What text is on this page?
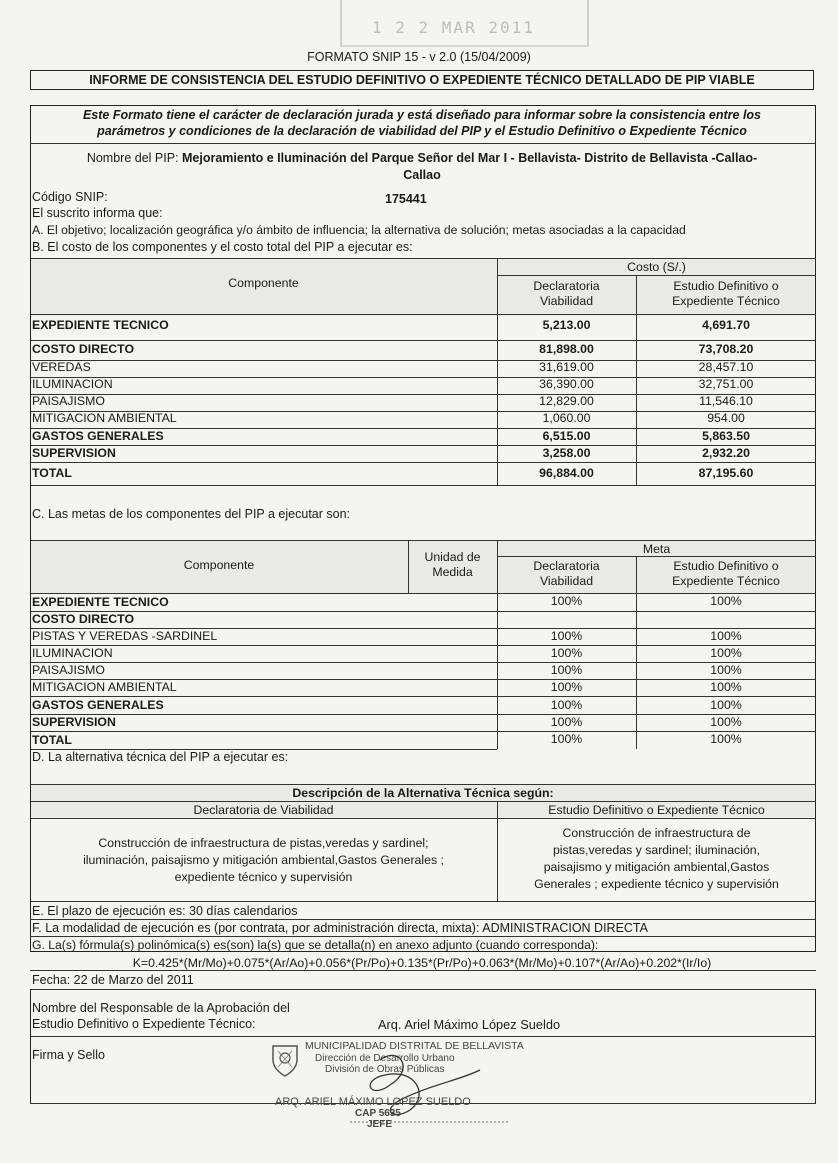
1 2 2 MAR 2011
FORMATO SNIP 15 - v 2.0 (15/04/2009)
INFORME DE CONSISTENCIA DEL ESTUDIO DEFINITIVO O EXPEDIENTE TÉCNICO DETALLADO DE PIP VIABLE
Este Formato tiene el carácter de declaración jurada y está diseñado para informar sobre la consistencia entre los
parámetros y condiciones de la declaración de viabilidad del PIP y el Estudio Definitivo o Expediente Técnico
Nombre del PIP: Mejoramiento e Iluminación del Parque Señor del Mar I - Bellavista- Distrito de Bellavista -Callao-
Callao
Código SNIP:	175441
El suscrito informa que:
A. El objetivo; localización geográfica y/o ámbito de influencia; la alternativa de solución; metas asociadas a la capacidad
B. El costo de los componentes y el costo total del PIP a ejecutar es:
Componente
Costo (S/.)
Declaratoria
Viabilidad
Estudio Definitivo o
Expediente Técnico
EXPEDIENTE TECNICO	5,213.00	4,691.70
COSTO DIRECTO	81,898.00	73,708.20
VEREDAS	31,619.00	28,457.10
ILUMINACION	36,390.00	32,751.00
PAISAJISMO	12,829.00	11,546.10
MITIGACION AMBIENTAL	1,060.00	954.00
GASTOS GENERALES	6,515.00	5,863.50
SUPERVISION	3,258.00	2,932.20
TOTAL	96,884.00	87,195.60
C. Las metas de los componentes del PIP a ejecutar son:
Componente
Unidad de
Medida
Meta
Declaratoria
Viabilidad
Estudio Definitivo o
Expediente Técnico
EXPEDIENTE TECNICO	100%	100%
COSTO DIRECTO
PISTAS Y VEREDAS -SARDINEL	100%	100%
ILUMINACION	100%	100%
PAISAJISMO	100%	100%
MITIGACION AMBIENTAL	100%	100%
GASTOS GENERALES	100%	100%
SUPERVISION	100%	100%
TOTAL	100%	100%
D. La alternativa técnica del PIP a ejecutar es:
Descripción de la Alternativa Técnica según:
Declaratoria de Viabilidad	Estudio Definitivo o Expediente Técnico
Construcción de infraestructura de pistas,veredas y sardinel;
iluminación, paisajismo y mitigación ambiental,Gastos Generales ;
expediente técnico y supervisión
Construcción de infraestructura de
pistas,veredas y sardinel; iluminación,
paisajismo y mitigación ambiental,Gastos
Generales ; expediente técnico y supervisión
E. El plazo de ejecución es: 30 días calendarios
F. La modalidad de ejecución es (por contrata, por administración directa, mixta): ADMINISTRACION DIRECTA
G. La(s) fórmula(s) polinómica(s) es(son) la(s) que se detalla(n) en anexo adjunto (cuando corresponda):
K=0.425*(Mr/Mo)+0.075*(Ar/Ao)+0.056*(Pr/Po)+0.135*(Pr/Po)+0.063*(Mr/Mo)+0.107*(Ar/Ao)+0.202*(Ir/Io)
Fecha: 22 de Marzo del 2011
Nombre del Responsable de la Aprobación del
Estudio Definitivo o Expediente Técnico:	Arq. Ariel Máximo López Sueldo
Firma y Sello
MUNICIPALIDAD DISTRITAL DE BELLAVISTA
Dirección de Desarrollo Urbano
División de Obras Públicas
ARQ. ARIEL MÁXIMO LOPEZ SUELDO
CAP 5635
JEFE
